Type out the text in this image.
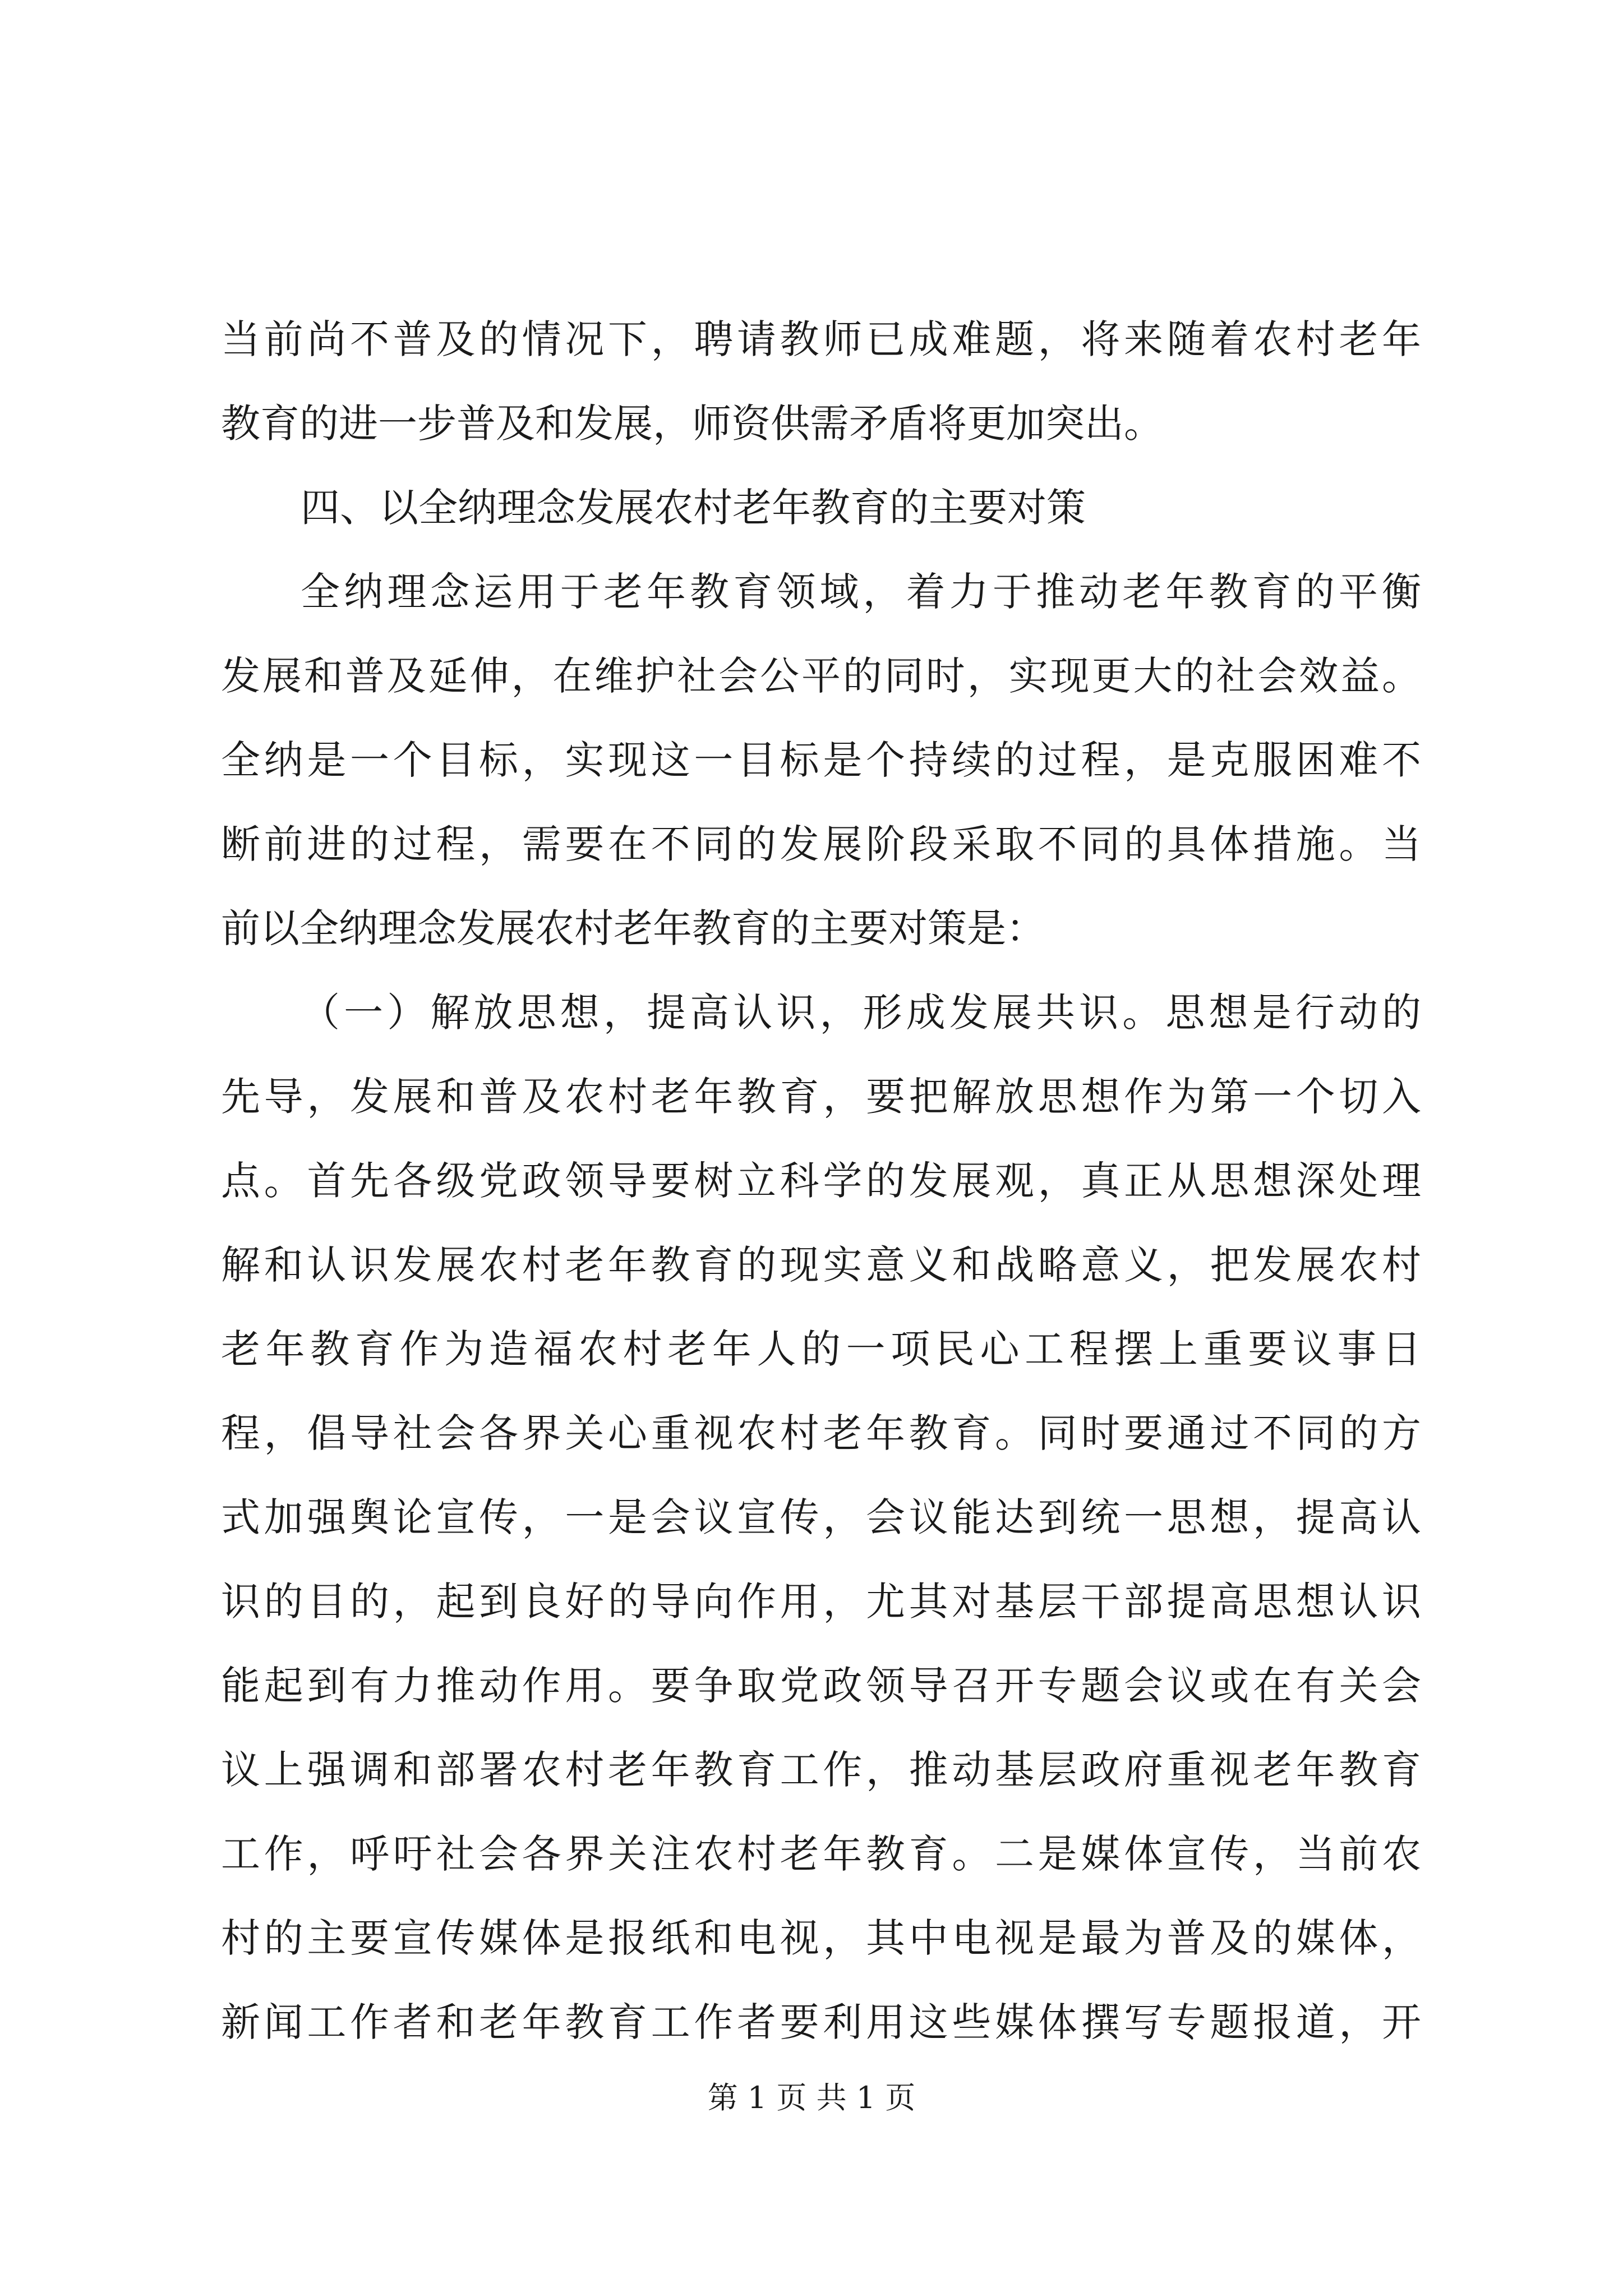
当前尚不普及的情况下，聘请教师已成难题，将来随着农村老年
教育的进一步普及和发展，师资供需矛盾将更加突出。
四、以全纳理念发展农村老年教育的主要对策
全纳理念运用于老年教育领域，着力于推动老年教育的平衡
发展和普及延伸，在维护社会公平的同时，实现更大的社会效益。
全纳是一个目标，实现这一目标是个持续的过程，是克服困难不
断前进的过程，需要在不同的发展阶段采取不同的具体措施。当
前以全纳理念发展农村老年教育的主要对策是：
（一）解放思想，提高认识，形成发展共识。思想是行动的
先导，发展和普及农村老年教育，要把解放思想作为第一个切入
点。首先各级党政领导要树立科学的发展观，真正从思想深处理
解和认识发展农村老年教育的现实意义和战略意义，把发展农村
老年教育作为造福农村老年人的一项民心工程摆上重要议事日
程，倡导社会各界关心重视农村老年教育。同时要通过不同的方
式加强舆论宣传，一是会议宣传，会议能达到统一思想，提高认
识的目的，起到良好的导向作用，尤其对基层干部提高思想认识
能起到有力推动作用。要争取党政领导召开专题会议或在有关会
议上强调和部署农村老年教育工作，推动基层政府重视老年教育
工作，呼吁社会各界关注农村老年教育。二是媒体宣传，当前农
村的主要宣传媒体是报纸和电视，其中电视是最为普及的媒体，
新闻工作者和老年教育工作者要利用这些媒体撰写专题报道，开
第 1 页 共 1 页
